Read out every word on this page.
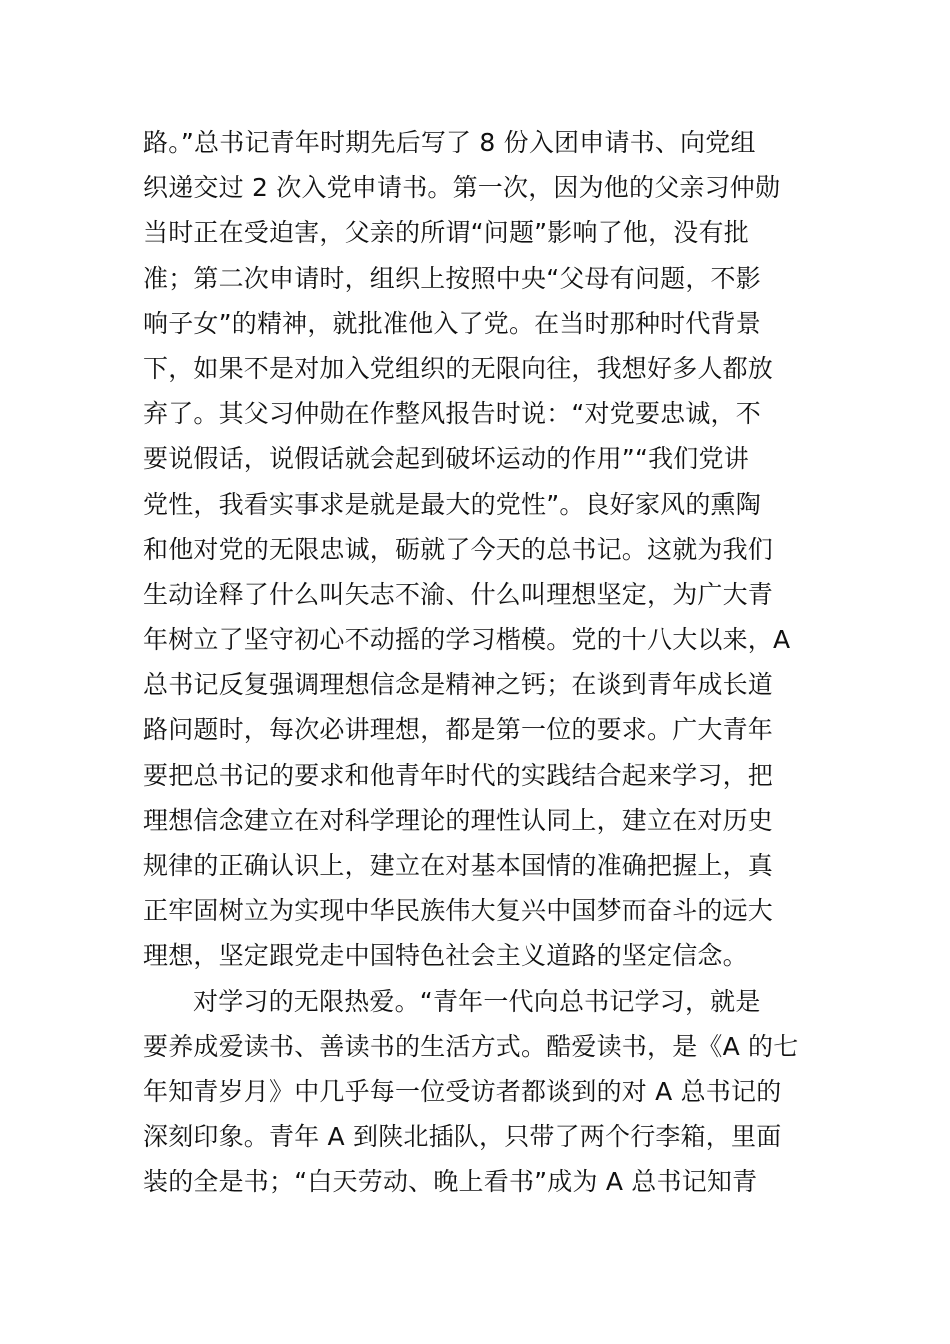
路。”总书记青年时期先后写了 8 份入团申请书、向党组
织递交过 2 次入党申请书。第一次，因为他的父亲习仲勋
当时正在受迫害，父亲的所谓“问题”影响了他，没有批
准；第二次申请时，组织上按照中央“父母有问题，不影
响子女”的精神，就批准他入了党。在当时那种时代背景
下，如果不是对加入党组织的无限向往，我想好多人都放
弃了。其父习仲勋在作整风报告时说：“对党要忠诚，不
要说假话，说假话就会起到破坏运动的作用”“我们党讲
党性，我看实事求是就是最大的党性”。良好家风的熏陶
和他对党的无限忠诚，砺就了今天的总书记。这就为我们
生动诠释了什么叫矢志不渝、什么叫理想坚定，为广大青
年树立了坚守初心不动摇的学习楷模。党的十八大以来，A
总书记反复强调理想信念是精神之钙；在谈到青年成长道
路问题时，每次必讲理想，都是第一位的要求。广大青年
要把总书记的要求和他青年时代的实践结合起来学习，把
理想信念建立在对科学理论的理性认同上，建立在对历史
规律的正确认识上，建立在对基本国情的准确把握上，真
正牢固树立为实现中华民族伟大复兴中国梦而奋斗的远大
理想，坚定跟党走中国特色社会主义道路的坚定信念。
对学习的无限热爱。“青年一代向总书记学习，就是
要养成爱读书、善读书的生活方式。酷爱读书，是《A 的七
年知青岁月》中几乎每一位受访者都谈到的对 A 总书记的
深刻印象。青年 A 到陕北插队，只带了两个行李箱，里面
装的全是书；“白天劳动、晚上看书”成为 A 总书记知青
